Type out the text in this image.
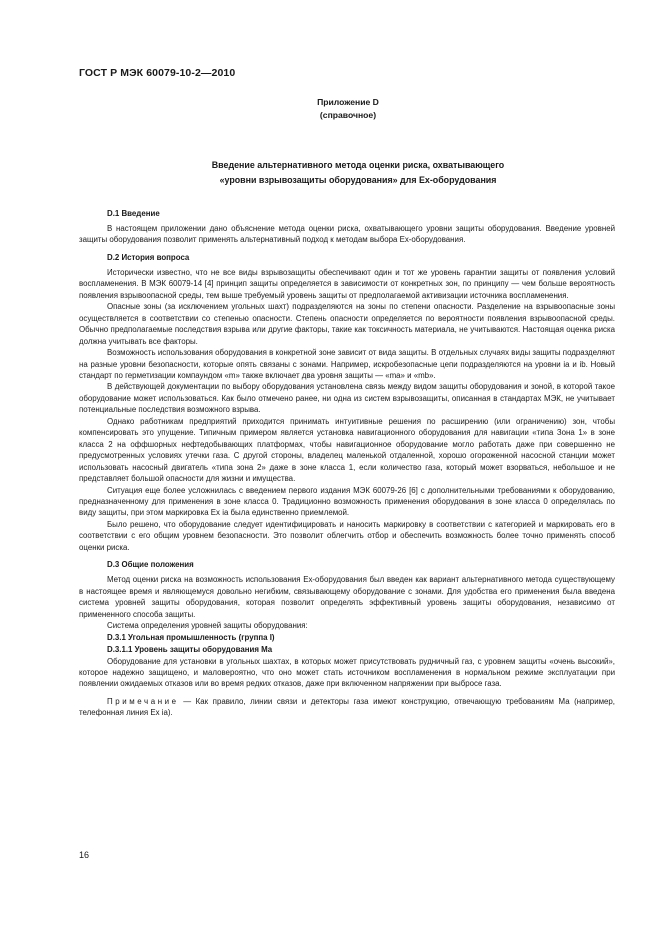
ГОСТ Р МЭК 60079-10-2—2010
Приложение D
(справочное)
Введение альтернативного метода оценки риска, охватывающего
«уровни взрывозащиты оборудования» для Ех-оборудования
D.1 Введение

В настоящем приложении дано объяснение метода оценки риска, охватывающего уровни защиты оборудования. Введение уровней защиты оборудования позволит применять альтернативный подход к методам выбора Ех-оборудования.

D.2 История вопроса

Исторически известно, что не все виды взрывозащиты обеспечивают один и тот же уровень гарантии защиты от появления условий воспламенения. В МЭК 60079-14 [4] принцип защиты определяется в зависимости от конкретных зон, по принципу — чем больше вероятность появления взрывоопасной среды, тем выше требуемый уровень защиты от предполагаемой активизации источника воспламенения.

Опасные зоны (за исключением угольных шахт) подразделяются на зоны по степени опасности. Разделение на взрывоопасные зоны осуществляется в соответствии со степенью опасности. Степень опасности определяется по вероятности появления взрывоопасной среды. Обычно предполагаемые последствия взрыва или другие факторы, такие как токсичность материала, не учитываются. Настоящая оценка риска должна учитывать все факторы.

Возможность использования оборудования в конкретной зоне зависит от вида защиты. В отдельных случаях виды защиты подразделяют на разные уровни безопасности, которые опять связаны с зонами. Например, искробезопасные цепи подразделяются на уровни ia и ib. Новый стандарт по герметизации компаундом «m» также включает два уровня защиты — «ma» и «mb».

В действующей документации по выбору оборудования установлена связь между видом защиты оборудования и зоной, в которой такое оборудование может использоваться. Как было отмечено ранее, ни одна из систем взрывозащиты, описанная в стандартах МЭК, не учитывает потенциальные последствия возможного взрыва.

Однако работникам предприятий приходится принимать интуитивные решения по расширению (или ограничению) зон, чтобы компенсировать это упущение. Типичным примером является установка навигационного оборудования для навигации «типа Зона 1» в зоне класса 2 на оффшорных нефтедобывающих платформах, чтобы навигационное оборудование могло работать даже при совершенно не предусмотренных условиях утечки газа. С другой стороны, владелец маленькой отдаленной, хорошо огороженной насосной станции может использовать насосный двигатель «типа зона 2» даже в зоне класса 1, если количество газа, который может взорваться, небольшое и не представляет большой опасности для жизни и имущества.

Ситуация еще более усложнилась с введением первого издания МЭК 60079-26 [6] с дополнительными требованиями к оборудованию, предназначенному для применения в зоне класса 0. Традиционно возможность применения оборудования в зоне класса 0 определялась по виду защиты, при этом маркировка Ех ia была единственно приемлемой.

Было решено, что оборудование следует идентифицировать и наносить маркировку в соответствии с категорией и маркировать его в соответствии с его общим уровнем безопасности. Это позволит облегчить отбор и обеспечить возможность более точно применять способ оценки риска.

D.3 Общие положения

Метод оценки риска на возможность использования Ех-оборудования был введен как вариант альтернативного метода существующему в настоящее время и являющемуся довольно негибким, связывающему оборудование с зонами. Для удобства его применения была введена система уровней защиты оборудования, которая позволит определять эффективный уровень защиты оборудования, независимо от примененного способа защиты.

Система определения уровней защиты оборудования:

D.3.1 Угольная промышленность (группа I)
D.3.1.1 Уровень защиты оборудования Ма

Оборудование для установки в угольных шахтах, в которых может присутствовать рудничный газ, с уровнем защиты «очень высокий», которое надежно защищено, и маловероятно, что оно может стать источником воспламенения в нормальном режиме эксплуатации при появлении ожидаемых отказов или во время редких отказов, даже при включенном напряжении при выбросе газа.

Примечание — Как правило, линии связи и детекторы газа имеют конструкцию, отвечающую требованиям Ма (например, телефонная линия Ех ia).

16
